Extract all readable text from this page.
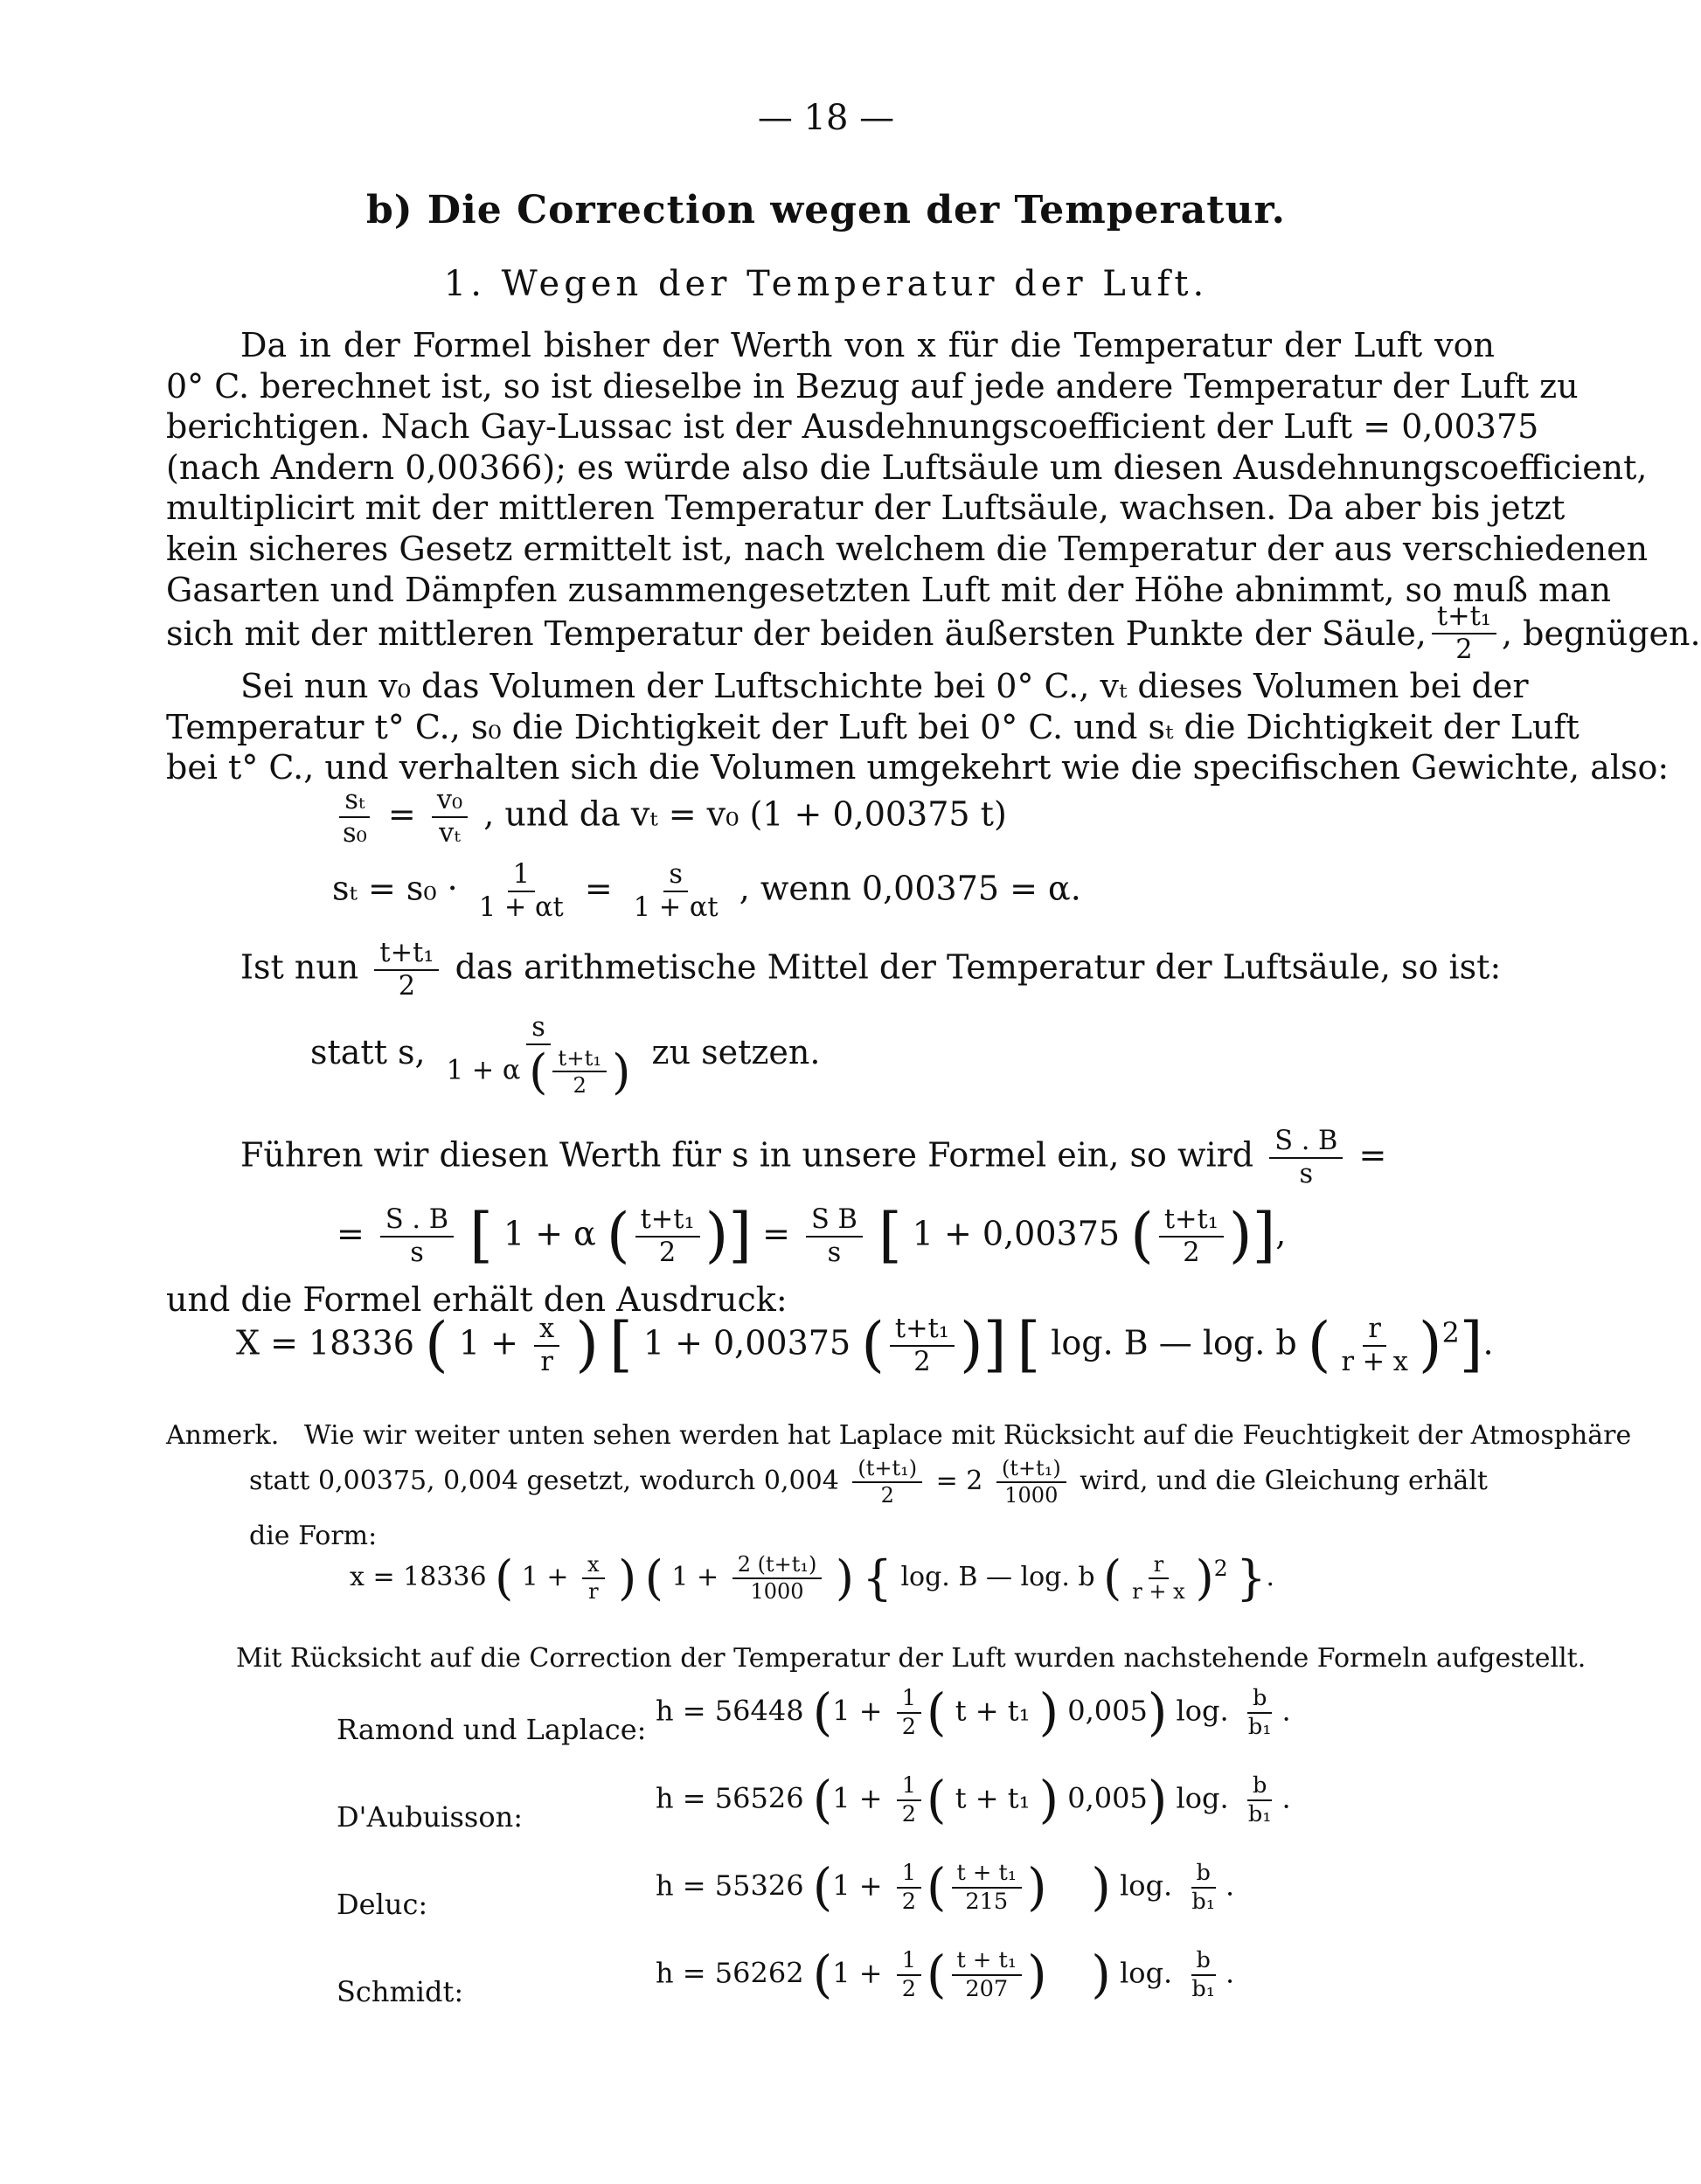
— 18 —
b) Die Correction wegen der Temperatur.
1. Wegen der Temperatur der Luft.
Da in der Formel bisher der Werth von x für die Temperatur der Luft von
0° C. berechnet ist, so ist dieselbe in Bezug auf jede andere Temperatur der Luft zu
berichtigen. Nach Gay-Lussac ist der Ausdehnungscoefficient der Luft = 0,00375
(nach Andern 0,00366); es würde also die Luftsäule um diesen Ausdehnungscoefficient,
multiplicirt mit der mittleren Temperatur der Luftsäule, wachsen. Da aber bis jetzt
kein sicheres Gesetz ermittelt ist, nach welchem die Temperatur der aus verschiedenen
Gasarten und Dämpfen zusammengesetzten Luft mit der Höhe abnimmt, so muß man
sich mit der mittleren Temperatur der beiden äußersten Punkte der Säule, $\frac{\text{t+t₁}}{2}$ , begnügen.
Sei nun v₀ das Volumen der Luftschichte bei 0° C., vₜ dieses Volumen bei der
Temperatur t° C., s₀ die Dichtigkeit der Luft bei 0° C. und sₜ die Dichtigkeit der Luft
bei t° C., und verhalten sich die Volumen umgekehrt wie die specifischen Gewichte, also:
$\frac{\text{sₜ}}{\text{s₀}} = \frac{\text{v₀}}{\text{vₜ}}$ , und da vₜ = v₀ (1 + 0,00375 t)
$s_t = s_0 \cdot \frac{1}{1 + \alpha t} = \frac{s}{1 + \alpha t}$ , wenn 0,00375 = α.
Ist nun $\frac{\text{t+t₁}}{2}$ das arithmetische Mittel der Temperatur der Luftsäule, so ist:
statt s, $\frac{s}{1 + \alpha ( \frac{\text{t+t₁}}{2} )}$ zu setzen.
Führen wir diesen Werth für s in unsere Formel ein, so wird $\frac{S . B}{s}$ =
= $\frac{S . B}{s}$ [ 1 + α ( $\frac{\text{t+t₁}}{2}$ )] = $\frac{\text{S B}}{s}$ [ 1 + 0,00375 ( $\frac{\text{t+t₁}}{2}$ )],
und die Formel erhält den Ausdruck:
X = 18336 ( $1 + \frac{x}{r}$ ) [ 1 + 0,00375 ( $\frac{\text{t+t₁}}{2}$ )] [ log. B — log. b ( $\frac{r}{r + x} )^2$].
Anmerk. Wie wir weiter unten sehen werden hat Laplace mit Rücksicht auf die Feuchtigkeit der Atmosphäre
statt 0,00375, 0,004 gesetzt, wodurch $0,004 \frac{\text{(t+t₁)}}{2} = 2 \frac{\text{(t+t₁)}}{1000}$ wird, und die Gleichung erhält
die Form:
x = 18336 ( $1 + \frac{x}{r}$ ) ( $1 + \frac{\text{2 (t+t₁)}}{1000}$ ) { log. B — log. b ( $\frac{r}{r + x} )^2$ }.
Mit Rücksicht auf die Correction der Temperatur der Luft wurden nachstehende Formeln aufgestellt.
Ramond und Laplace:
h = 56448 ($1 + \frac{1}{2}$ ( t + t₁ ) 0,005) log. $\frac{b}{\text{b₁}}$ .
D'Aubuisson:
h = 56526 ($1 + \frac{1}{2}$ ( t + t₁ ) 0,005) log. $\frac{b}{\text{b₁}}$ .
Deluc:
h = 55326 ($1 + \frac{1}{2}$ ( $\frac{\text{t + t₁}}{215}$ ) ) log. $\frac{b}{\text{b₁}}$ .
Schmidt:
h = 56262 ($1 + \frac{1}{2}$ ( $\frac{\text{t + t₁}}{207}$ ) ) log. $\frac{b}{\text{b₁}}$ .
